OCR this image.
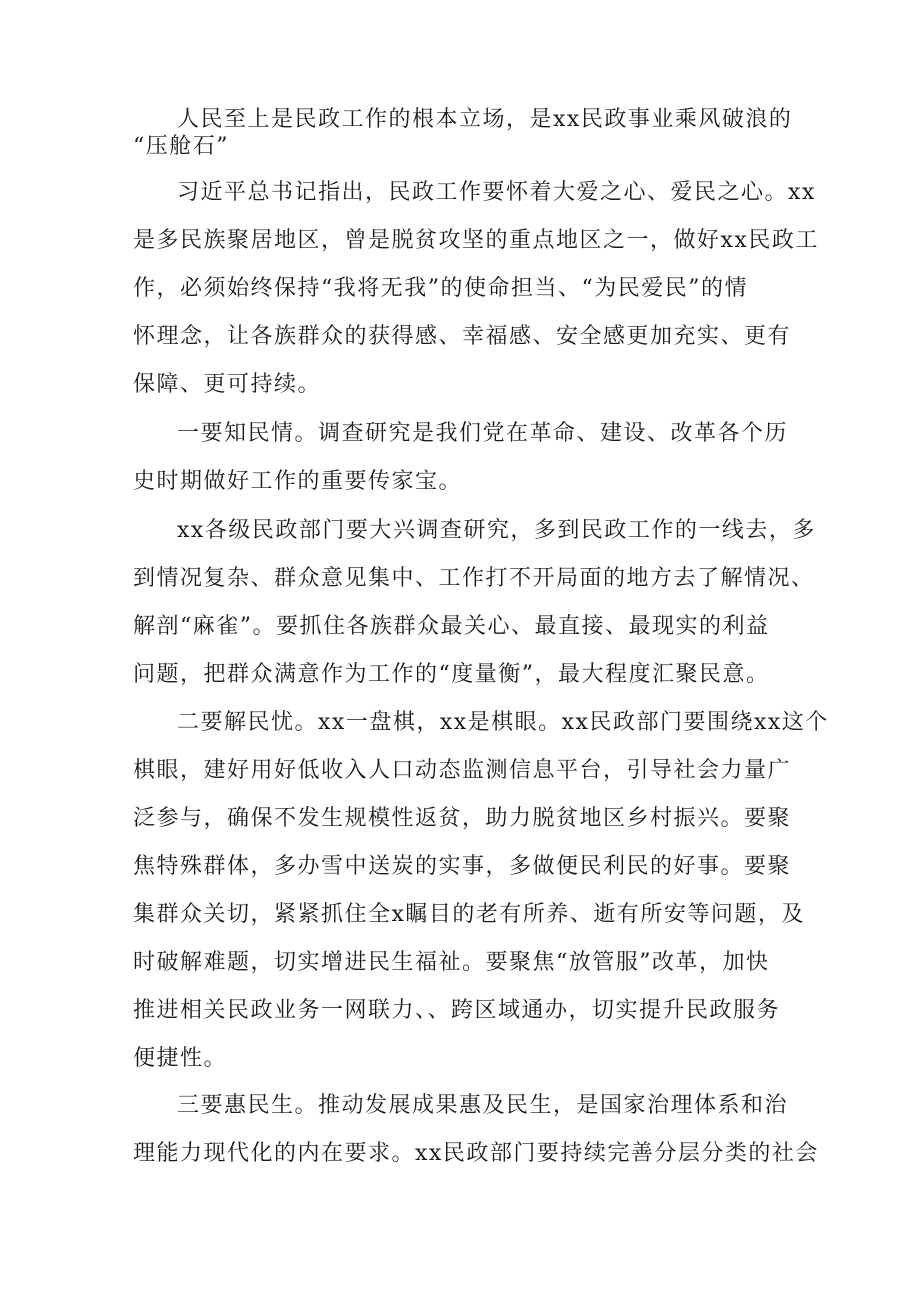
人民至上是民政工作的根本立场，是xx民政事业乘风破浪的
“压舱石”
习近平总书记指出，民政工作要怀着大爱之心、爱民之心。xx
是多民族聚居地区，曾是脱贫攻坚的重点地区之一，做好xx民政工
作，必须始终保持“我将无我”的使命担当、“为民爱民”的情
怀理念，让各族群众的获得感、幸福感、安全感更加充实、更有
保障、更可持续。
一要知民情。调查研究是我们党在革命、建设、改革各个历
史时期做好工作的重要传家宝。
xx各级民政部门要大兴调查研究，多到民政工作的一线去，多
到情况复杂、群众意见集中、工作打不开局面的地方去了解情况、
解剖“麻雀”。要抓住各族群众最关心、最直接、最现实的利益
问题，把群众满意作为工作的“度量衡”，最大程度汇聚民意。
二要解民忧。xx一盘棋，xx是棋眼。xx民政部门要围绕xx这个
棋眼，建好用好低收入人口动态监测信息平台，引导社会力量广
泛参与，确保不发生规模性返贫，助力脱贫地区乡村振兴。要聚
焦特殊群体，多办雪中送炭的实事，多做便民利民的好事。要聚
集群众关切，紧紧抓住全x瞩目的老有所养、逝有所安等问题，及
时破解难题，切实增进民生福祉。要聚焦“放管服”改革，加快
推进相关民政业务一网联力、、跨区域通办，切实提升民政服务
便捷性。
三要惠民生。推动发展成果惠及民生，是国家治理体系和治
理能力现代化的内在要求。xx民政部门要持续完善分层分类的社会
